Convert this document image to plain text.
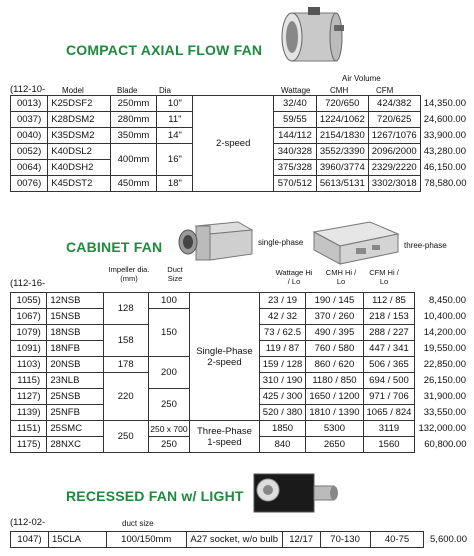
COMPACT AXIAL FLOW FAN
Air Volume
(112-10- Model	Blade	Dia	Wattage CMH	CFM
0013)	K25DSF2	250mm	10"	2-speed	32/40	720/650	424/382	14,350.00
0037)	K28DSM2	280mm	11"		59/55	1224/1062	720/625	24,600.00
0040)	K35DSM2	350mm	14"		144/112	2154/1830	1267/1076	33,900.00
0052)	K40DSL2	400mm	16"		340/328	3552/3390	2096/2000	43,280.00
0064)	K40DSH2				375/328	3960/3774	2329/2220	46,150.00
0076)	K45DST2	450mm	18"		570/512	5613/5131	3302/3018	78,580.00
CABINET FAN	single-phase	three-phase
Impeller dia. (mm)
Duct Size
Wattage Hi / Lo
CMH Hi / Lo
CFM Hi / Lo
(112-16-
1055)	12NSB	128	100	Single-Phase 2-speed	23 / 19	190 / 145	112 / 85	8,450.00
1067)	15NSB		150		42 / 32	370 / 260	218 / 153	10,400.00
1079)	18NSB	158			73 / 62.5	490 / 395	288 / 227	14,200.00
1091)	18NFB				119 / 87	760 / 580	447 / 341	19,550.00
1103)	20NSB	178	200		159 / 128	860 / 620	506 / 365	22,850.00
1115)	23NLB	220			310 / 190	1180 / 850	694 / 500	26,150.00
1127)	25NSB		250		425 / 300	1650 / 1200	971 / 706	31,900.00
1139)	25NFB				520 / 380	1810 / 1390	1065 / 824	33,550.00
1151)	25SMC	250	250 x 700	Three-Phase 1-speed	1850	5300	3119	132,000.00
1175)	28NXC		250		840	2650	1560	60,800.00
RECESSED FAN w/ LIGHT
(112-02-	duct size
1047)	15CLA	100/150mm	A27 socket, w/o bulb	12/17	70-130	40-75	5,600.00
